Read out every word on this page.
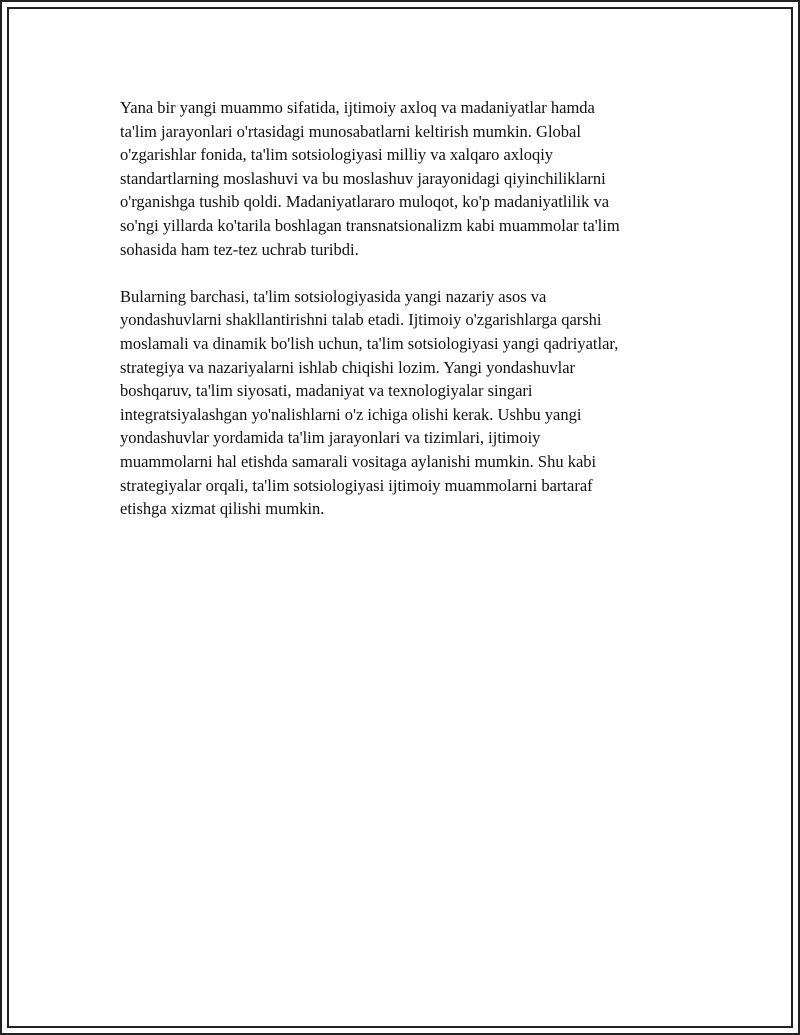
Yana bir yangi muammo sifatida, ijtimoiy axloq va madaniyatlar hamda
ta'lim jarayonlari o'rtasidagi munosabatlarni keltirish mumkin. Global
o'zgarishlar fonida, ta'lim sotsiologiyasi milliy va xalqaro axloqiy
standartlarning moslashuvi va bu moslashuv jarayonidagi qiyinchiliklarni
o'rganishga tushib qoldi. Madaniyatlararo muloqot, ko'p madaniyatlilik va
so'ngi yillarda ko'tarila boshlagan transnatsionalizm kabi muammolar ta'lim
sohasida ham tez-tez uchrab turibdi.

Bularning barchasi, ta'lim sotsiologiyasida yangi nazariy asos va
yondashuvlarni shakllantirishni talab etadi. Ijtimoiy o'zgarishlarga qarshi
moslamali va dinamik bo'lish uchun, ta'lim sotsiologiyasi yangi qadriyatlar,
strategiya va nazariyalarni ishlab chiqishi lozim. Yangi yondashuvlar
boshqaruv, ta'lim siyosati, madaniyat va texnologiyalar singari
integratsiyalashgan yo'nalishlarni o'z ichiga olishi kerak. Ushbu yangi
yondashuvlar yordamida ta'lim jarayonlari va tizimlari, ijtimoiy
muammolarni hal etishda samarali vositaga aylanishi mumkin. Shu kabi
strategiyalar orqali, ta'lim sotsiologiyasi ijtimoiy muammolarni bartaraf
etishga xizmat qilishi mumkin.
